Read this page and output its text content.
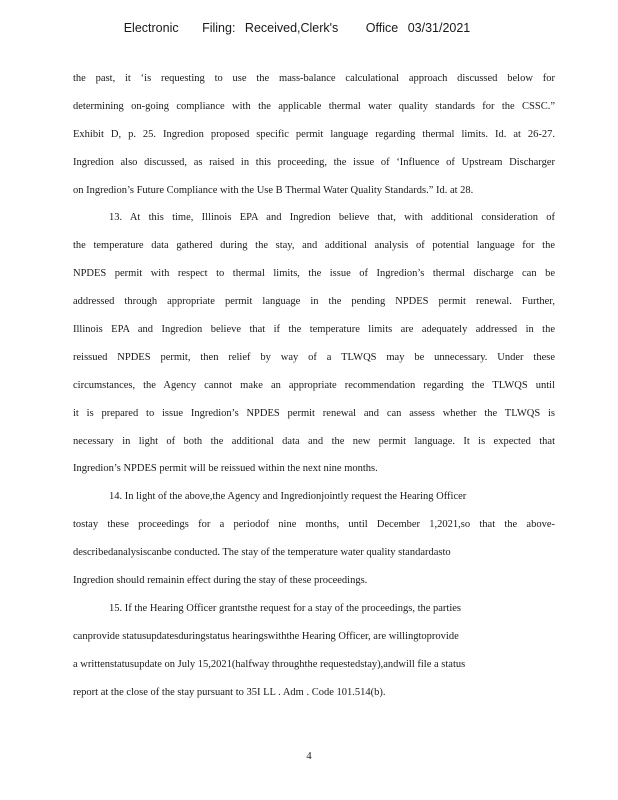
Electronic Filing: Received,Clerk's Office 03/31/2021
the past, it ‘is requesting to use the mass-balance calculational approach discussed below for
determining on-going compliance with the applicable thermal water quality standards for the CSSC.”
Exhibit D, p. 25. Ingredion proposed specific permit language regarding thermal limits. Id. at 26-27.
Ingredion also discussed, as raised in this proceeding, the issue of ‘Influence of Upstream Discharger
on Ingredion’s Future Compliance with the Use B Thermal Water Quality Standards.” Id. at 28.
13. At this time, Illinois EPA and Ingredion believe that, with additional consideration of
the temperature data gathered during the stay, and additional analysis of potential language for the
NPDES permit with respect to thermal limits, the issue of Ingredion’s thermal discharge can be
addressed through appropriate permit language in the pending NPDES permit renewal. Further,
Illinois EPA and Ingredion believe that if the temperature limits are adequately addressed in the
reissued NPDES permit, then relief by way of a TLWQS may be unnecessary. Under these
circumstances, the Agency cannot make an appropriate recommendation regarding the TLWQS until
it is prepared to issue Ingredion’s NPDES permit renewal and can assess whether the TLWQS is
necessary in light of both the additional data and the new permit language. It is expected that
Ingredion’s NPDES permit will be reissued within the next nine months.
14. In light of the above,the Agency and Ingredionjointly request the Hearing Officer
tostay these proceedings for a periodof nine months, until December 1,2021,so that the above-
describedanalysiscanbe conducted. The stay of the temperature water quality standardasto
Ingredion should remainin effect during the stay of these proceedings.
15. If the Hearing Officer grantsthe request for a stay of the proceedings, the parties
canprovide statusupdatesduringstatus hearingswiththe Hearing Officer, are willingtoprovide
a writtenstatusupdate on July 15,2021(halfway throughthe requestedstay),andwill file a status
report at the close of the stay pursuant to 35I LL . Adm . Code 101.514(b).
4
